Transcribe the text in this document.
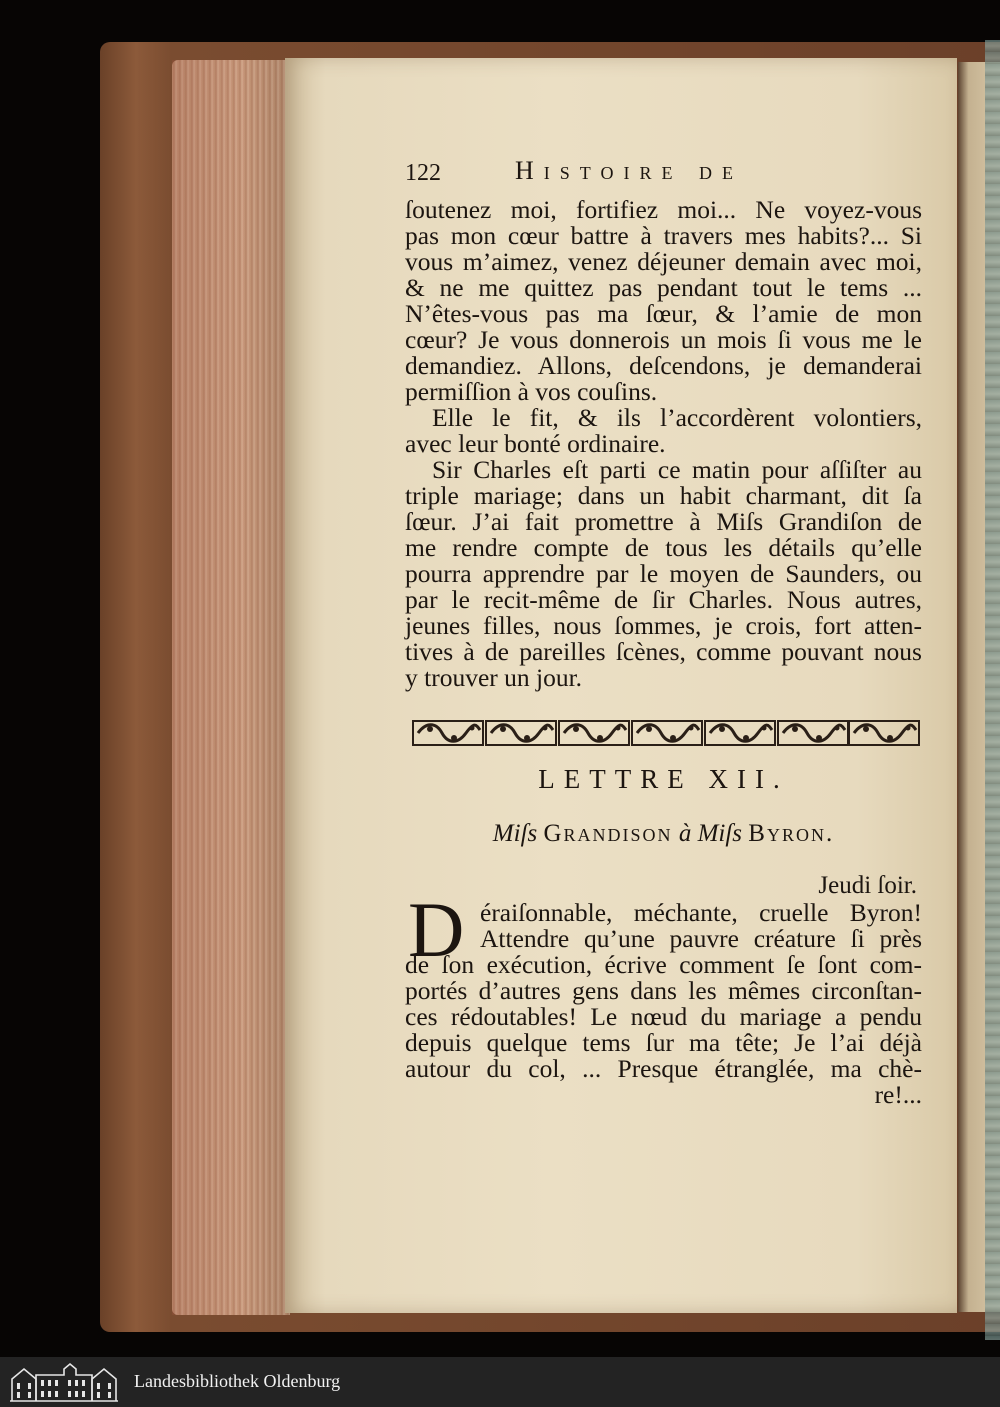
122	Histoire de
ſoutenez moi, fortifiez moi... Ne voyez-vous
pas mon cœur battre à travers mes habits?... Si
vous m’aimez, venez déjeuner demain avec moi,
& ne me quittez pas pendant tout le tems ...
N’êtes-vous pas ma ſœur, & l’amie de mon
cœur? Je vous donnerois un mois ſi vous me le
demandiez. Allons, deſcendons, je demanderai
permiſſion à vos couſins.
Elle le fit, & ils l’accordèrent volontiers,
avec leur bonté ordinaire.
Sir Charles eſt parti ce matin pour aſſiſter au
triple mariage; dans un habit charmant, dit ſa
ſœur. J’ai fait promettre à Miſs Grandiſon de
me rendre compte de tous les détails qu’elle
pourra apprendre par le moyen de Saunders, ou
par le recit-même de ſir Charles. Nous autres,
jeunes filles, nous ſommes, je crois, fort atten-
tives à de pareilles ſcènes, comme pouvant nous
y trouver un jour.
LETTRE XII.
Miſs Grandison à Miſs Byron.
Jeudi ſoir.
D éraiſonnable, méchante, cruelle Byron!
Attendre qu’une pauvre créature ſi près
de ſon exécution, écrive comment ſe ſont com-
portés d’autres gens dans les mêmes circonſtan-
ces rédoutables! Le nœud du mariage a pendu
depuis quelque tems ſur ma tête; Je l’ai déjà
autour du col, ... Presque étranglée, ma chè-
re!...
Landesbibliothek Oldenburg
